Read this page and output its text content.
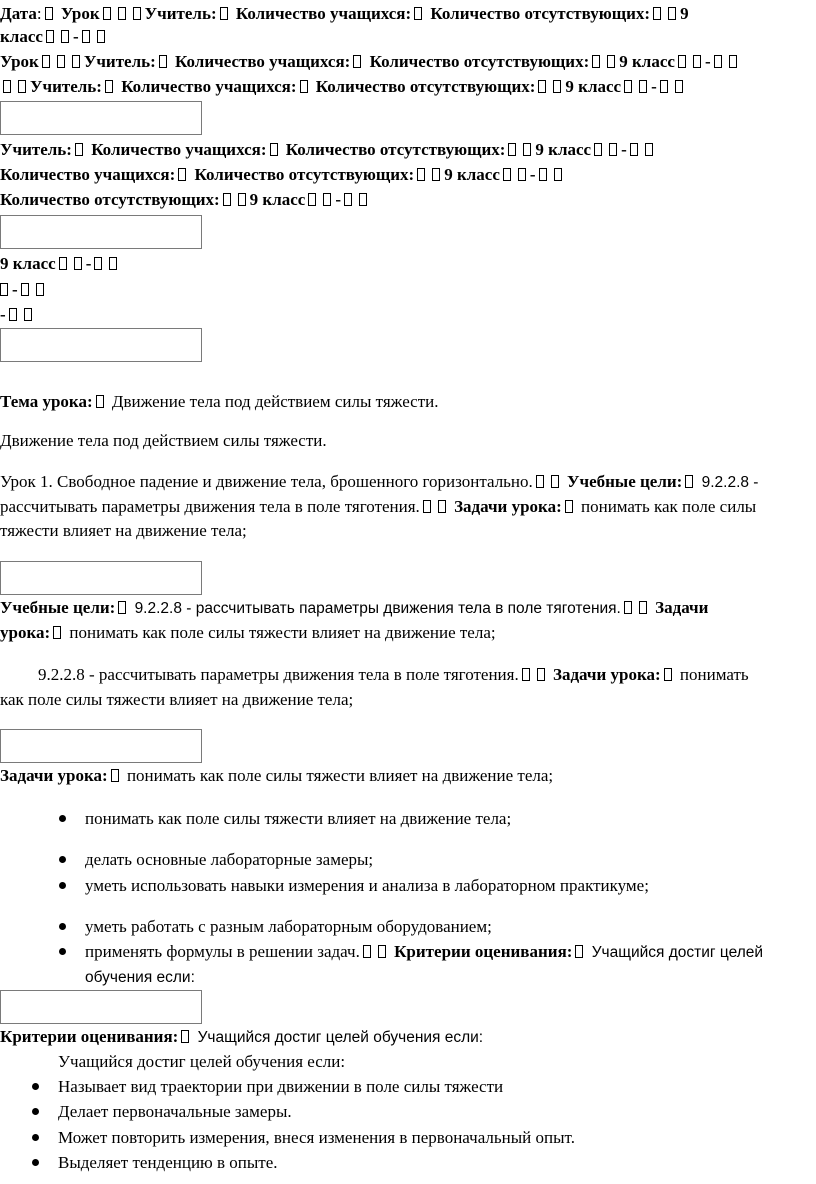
Дата: Урок	Учитель: Количество учащихся: Количество отсутствующих: 9
класс -
Урок	Учитель: Количество учащихся: Количество отсутствующих: 9 класс -
Учитель: Количество учащихся: Количество отсутствующих: 9 класс -
Учитель: Количество учащихся: Количество отсутствующих: 9 класс -
Количество учащихся: Количество отсутствующих: 9 класс -
Количество отсутствующих: 9 класс -
9 класс -
-
-
Тема урока: Движение тела под действием силы тяжести.
Движение тела под действием силы тяжести.
Урок 1. Свободное падение и движение тела, брошенного горизонтально. Учебные цели: 9.2.2.8 -
рассчитывать параметры движения тела в поле тяготения. Задачи урока: понимать как поле силы
тяжести влияет на движение тела;
Учебные цели: 9.2.2.8 - рассчитывать параметры движения тела в поле тяготения. Задачи
урока: понимать как поле силы тяжести влияет на движение тела;
9.2.2.8 - рассчитывать параметры движения тела в поле тяготения. Задачи урока: понимать
как поле силы тяжести влияет на движение тела;
Задачи урока: понимать как поле силы тяжести влияет на движение тела;
понимать как поле силы тяжести влияет на движение тела;
делать основные лабораторные замеры;
уметь использовать навыки измерения и анализа в лабораторном практикуме;
уметь работать с разным лабораторным оборудованием;
применять формулы в решении задач. Критерии оценивания: Учащийся достиг целей
обучения если:
Критерии оценивания: Учащийся достиг целей обучения если:
Учащийся достиг целей обучения если:
Называет вид траектории при движении в поле силы тяжести
Делает первоначальные замеры.
Может повторить измерения, внеся изменения в первоначальный опыт.
Выделяет тенденцию в опыте.
